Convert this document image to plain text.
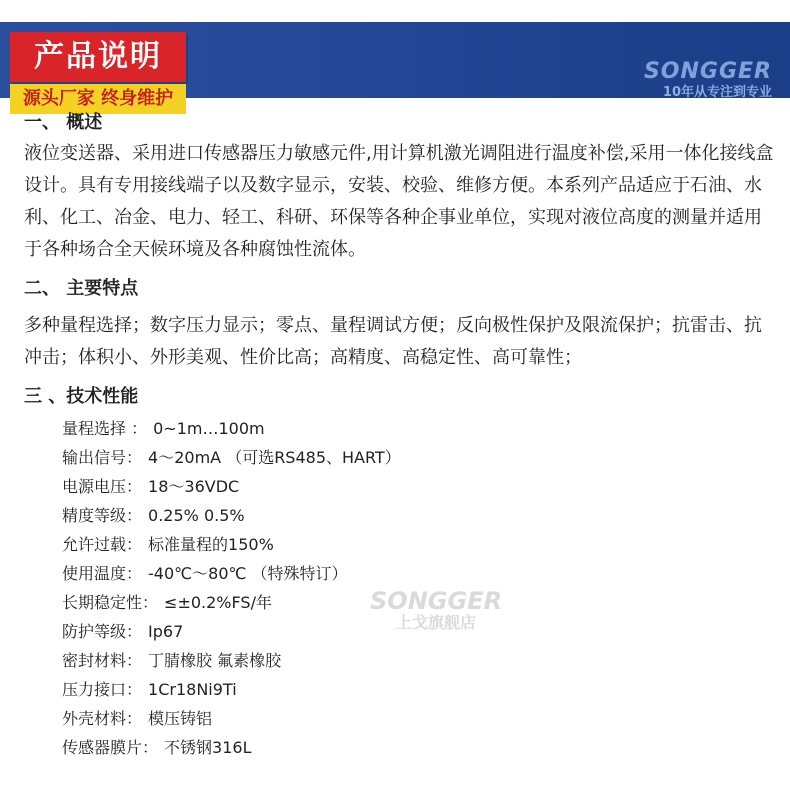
产品说明
源头厂家 终身维护
SONGGER
10年从专注到专业
一、 概述
液位变送器、采用进口传感器压力敏感元件,用计算机激光调阻进行温度补偿,采用一体化接线盒设计。具有专用接线端子以及数字显示，安装、校验、维修方便。本系列产品适应于石油、水利、化工、冶金、电力、轻工、科研、环保等各种企事业单位，实现对液位高度的测量并适用于各种场合全天候环境及各种腐蚀性流体。
二、 主要特点
多种量程选择；数字压力显示；零点、量程调试方便；反向极性保护及限流保护；抗雷击、抗冲击；体积小、外形美观、性价比高；高精度、高稳定性、高可靠性；
三 、技术性能
量程选择 ： 0~1m…100m
输出信号： 4～20mA （可选RS485、HART）
电源电压： 18～36VDC
精度等级： 0.25% 0.5%
允许过载： 标准量程的150%
使用温度： -40℃～80℃ （特殊特订）
长期稳定性： ≤±0.2%FS/年
防护等级： Ip67
密封材料： 丁腈橡胶 氟素橡胶
压力接口： 1Cr18Ni9Ti
外壳材料： 模压铸铝
传感器膜片： 不锈钢316L
SONGGER
上戈旗舰店
